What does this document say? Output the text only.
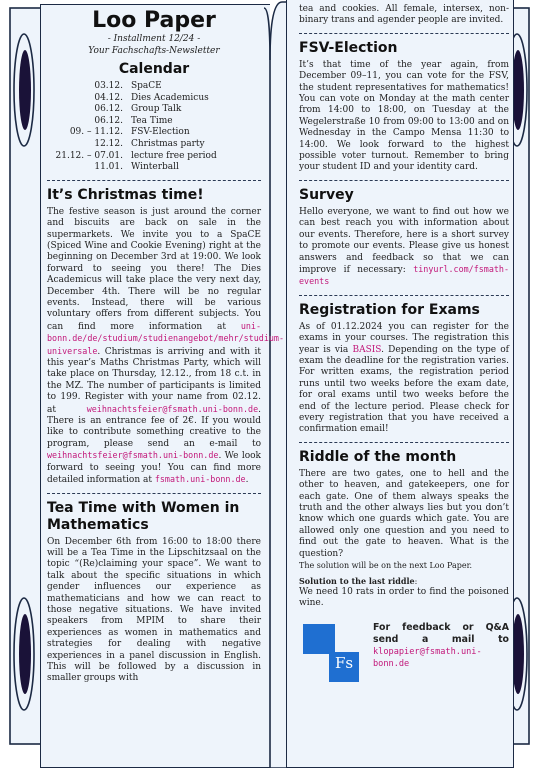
Loo Paper
- Installment 12/24 -
Your Fachschafts-Newsletter
Calendar
03.12. SpaCE
04.12. Dies Academicus
06.12. Group Talk
06.12. Tea Time
09. – 11.12. FSV-Election
12.12. Christmas party
21.12. – 07.01. lecture free period
11.01. Winterball
It’s Christmas time!

The festive season is just around the corner and biscuits are back on sale in the supermarkets. We invite you to a SpaCE (Spiced Wine and Cookie Evening) right at the beginning on December 3rd at 19:00. We look forward to seeing you there! The Dies Academicus will take place the very next day, December 4th. There will be no regular events. Instead, there will be various voluntary offers from different subjects. You can find more information at uni-bonn.de/de/studium/studienangebot/mehr/studium-universale. Christmas is arriving and with it this year’s Maths Christmas Party, which will take place on Thursday, 12.12., from 18 c.t. in the MZ. The number of participants is limited to 199. Register with your name from 02.12. at	weihnachtsfeier@fsmath.uni-bonn.de. There is an entrance fee of 2€. If you would like to contribute something creative to the program, please send an e-mail to weihnachtsfeier@fsmath.uni-bonn.de. We look forward to seeing you! You can find more detailed information at fsmath.uni-bonn.de.

Tea Time with Women in Mathematics

On December 6th from 16:00 to 18:00 there will be a Tea Time in the Lipschitzsaal on the topic “(Re)claiming your space”. We want to talk about the specific situations in which gender influences our experience as mathematicians and how we can react to those negative situations. We have invited speakers from MPIM to share their experiences as women in mathematics and strategies for dealing with negative experiences in a panel discussion in English. This will be followed by a discussion in smaller groups with

tea and cookies. All female, intersex, non-binary trans and agender people are invited.

FSV-Election

It’s that time of the year again, from December 09–11, you can vote for the FSV, the student representatives for mathematics! You can vote on Monday at the math center from 14:00 to 18:00, on Tuesday at the Wegelerstraße 10 from 09:00 to 13:00 and on Wednesday in the Campo Mensa 11:30 to 14:00. We look forward to the highest possible voter turnout. Remember to bring your student ID and your identity card.

Survey

Hello everyone, we want to find out how we can best reach you with information about our events. Therefore, here is a short survey to promote our events. Please give us honest answers and feedback so that we can improve if necessary: tinyurl.com/fsmath-events

Registration for Exams

As of 01.12.2024 you can register for the exams in your courses. The registration this year is via BASIS. Depending on the type of exam the deadline for the registration varies. For written exams, the registration period runs until two weeks before the exam date, for oral exams until two weeks before the end of the lecture period. Please check for every registration that you have received a confirmation email!

Riddle of the month

There are two gates, one to hell and the other to heaven, and gatekeepers, one for each gate. One of them always speaks the truth and the other always lies but you don’t know which one guards which gate. You are allowed only one question and you need to find out the gate to heaven. What is the question?

The solution will be on the next Loo Paper.

Solution to the last riddle:

We need 10 rats in order to find the poisoned wine.

Fs
For feedback or Q&A send a mail to klopapier@fsmath.uni-bonn.de
